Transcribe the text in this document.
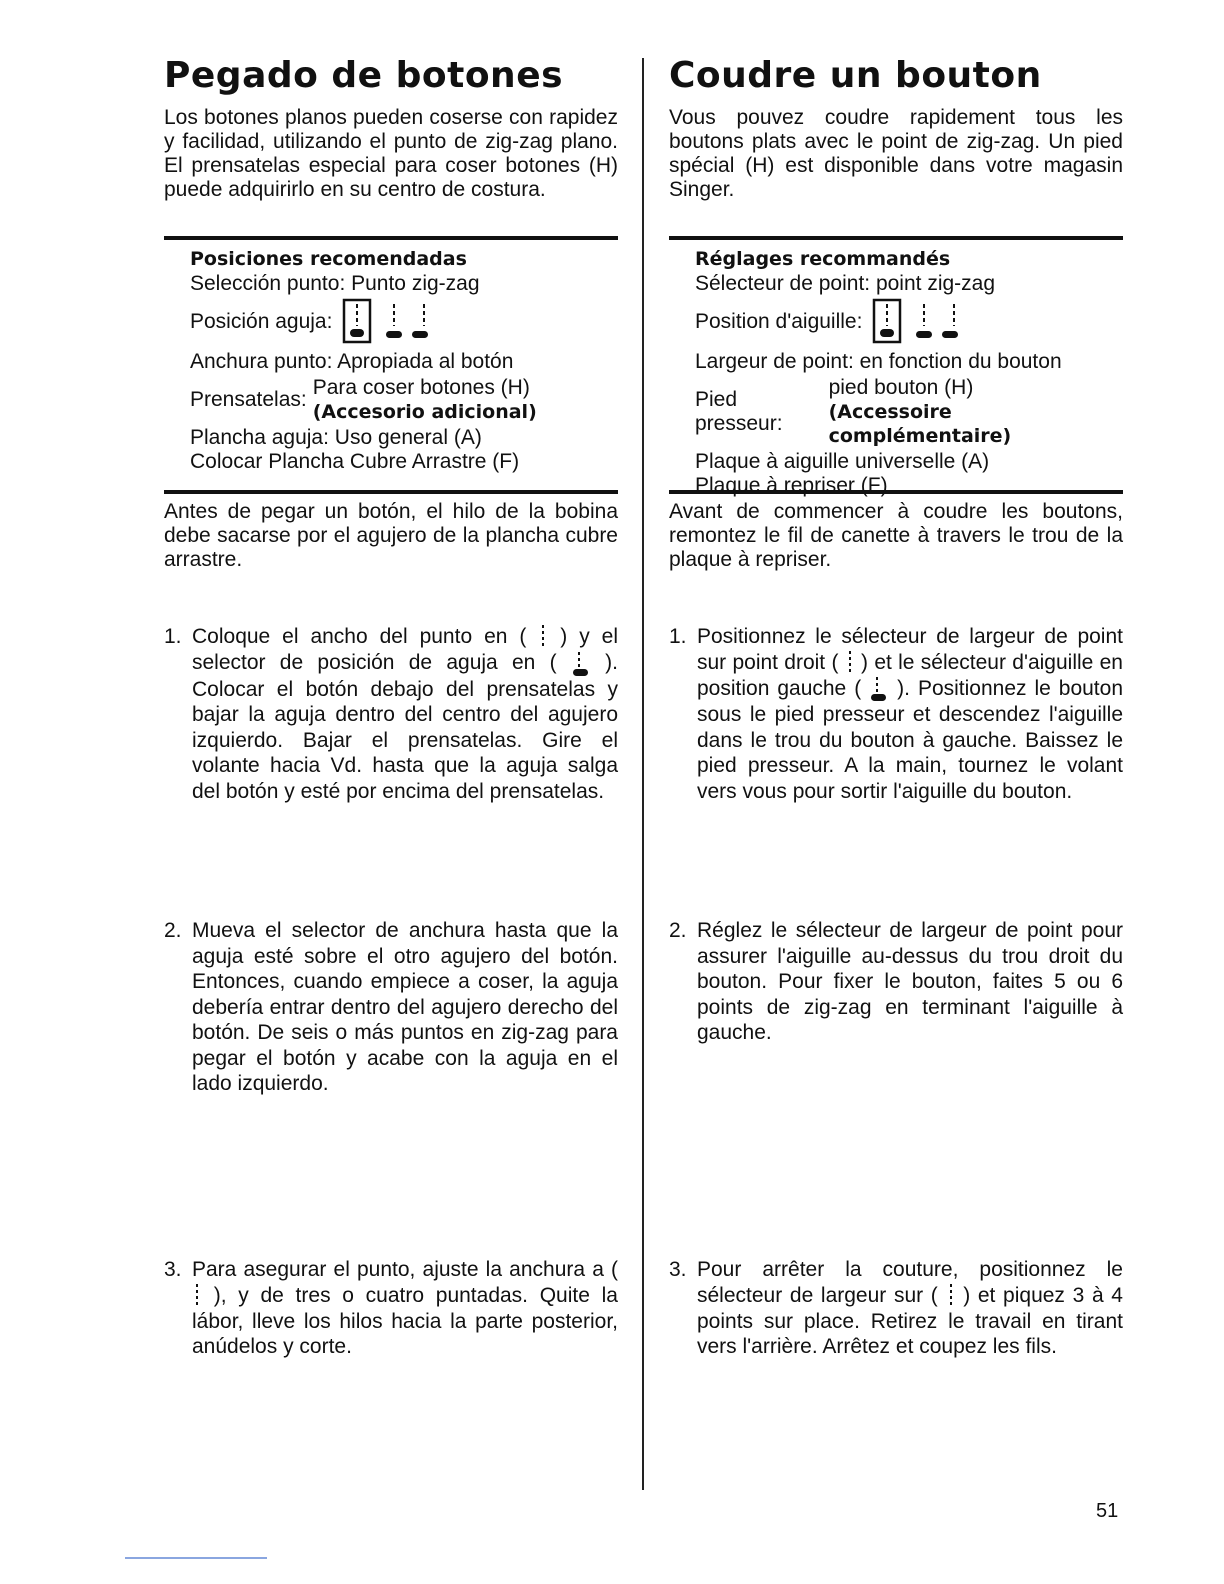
Pegado de botones
Los botones planos pueden coserse con rapidez y facilidad, utilizando el punto de zig-zag plano. El prensatelas especial para coser botones (H) puede adquirirlo en su centro de costura.
Posiciones recomendadas
Selección punto: Punto zig-zag
Posición aguja:
Anchura punto: Apropiada al botón
Prensatelas:
Para coser botones (H)
(Accesorio adicional)
Plancha aguja: Uso general (A)
Colocar Plancha Cubre Arrastre (F)
Antes de pegar un botón, el hilo de la bobina debe sacarse por el agujero de la plancha cubre arrastre.
1. Coloque el ancho del punto en ( ) y el selector de posición de aguja en ( ). Colocar el botón debajo del prensatelas y bajar la aguja dentro del centro del agujero izquierdo. Bajar el prensatelas. Gire el volante hacia Vd. hasta que la aguja salga del botón y esté por encima del prensatelas.
2. Mueva el selector de anchura hasta que la aguja esté sobre el otro agujero del botón. Entonces, cuando empiece a coser, la aguja debería entrar dentro del agujero derecho del botón. De seis o más puntos en zig-zag para pegar el botón y acabe con la aguja en el lado izquierdo.
3. Para asegurar el punto, ajuste la anchura a (  ), y de tres o cuatro puntadas. Quite la lábor, lleve los hilos hacia la parte posterior, anúdelos y corte.
Coudre un bouton
Vous pouvez coudre rapidement tous les boutons plats avec le point de zig-zag. Un pied spécial (H) est disponible dans votre magasin Singer.
Réglages recommandés
Sélecteur de point: point zig-zag
Position d'aiguille:
Largeur de point: en fonction du bouton
Pied presseur:
pied bouton (H)
(Accessoire complémentaire)
Plaque à aiguille universelle (A)
Plaque à repriser (F)
Avant de commencer à coudre les boutons, remontez le fil de canette à travers le trou de la plaque à repriser.
1. Positionnez le sélecteur de largeur de point sur point droit ( ) et le sélecteur d'aiguille en position gauche ( ). Positionnez le bouton sous le pied presseur et descendez l'aiguille dans le trou du bouton à gauche. Baissez le pied presseur. A la main, tournez le volant vers vous pour sortir l'aiguille du bouton.
2. Réglez le sélecteur de largeur de point pour assurer l'aiguille au-dessus du trou droit du bouton. Pour fixer le bouton, faites 5 ou 6 points de zig-zag en terminant l'aiguille à gauche.
3. Pour arrêter la couture, positionnez le sélecteur de largeur sur ( ) et piquez 3 à 4 points sur place. Retirez le travail en tirant vers l'arrière. Arrêtez et coupez les fils.
51
